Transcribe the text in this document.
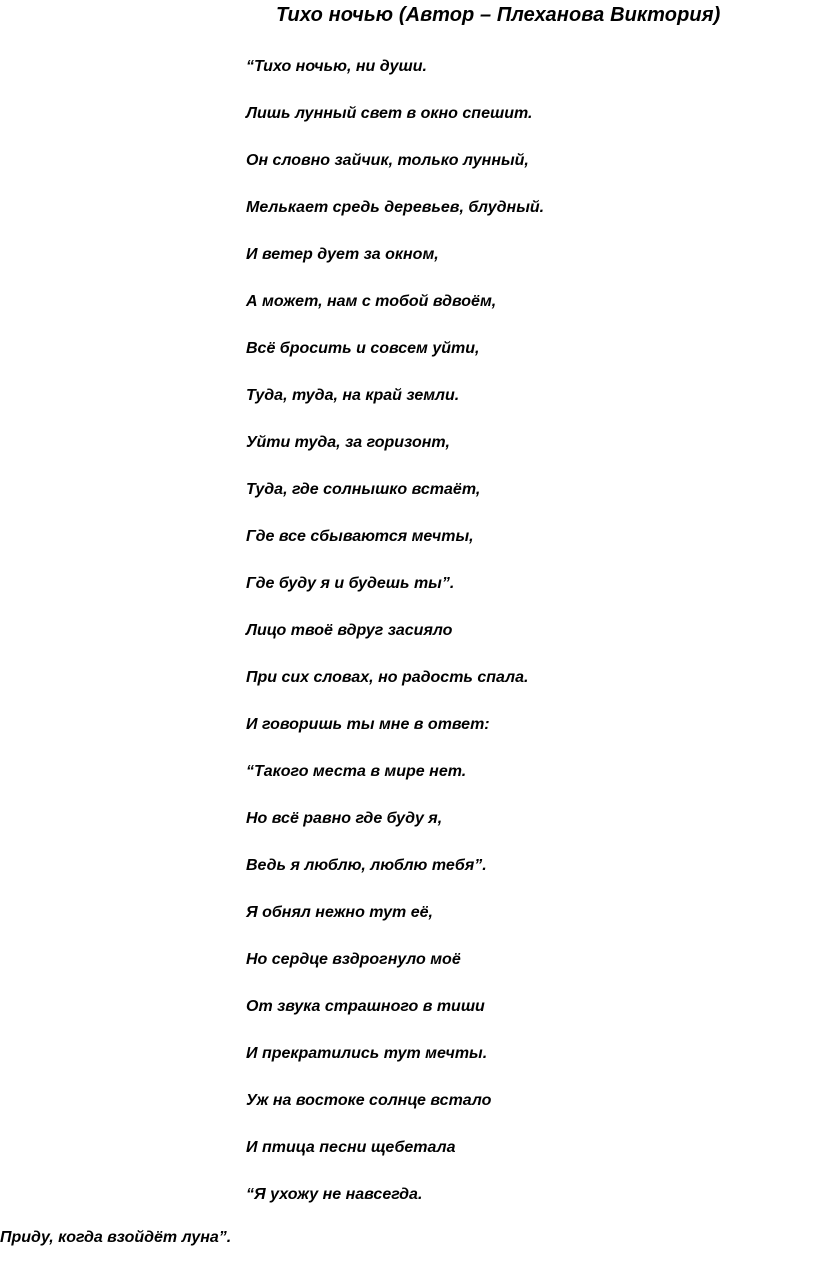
Тихо ночью (Автор – Плеханова Виктория)
“Тихо ночью, ни души.
Лишь лунный свет в окно спешит.
Он словно зайчик, только лунный,
Мелькает средь деревьев, блудный.
И ветер дует за окном,
А может, нам с тобой вдвоём,
Всё бросить и совсем уйти,
Туда, туда, на край земли.
Уйти туда, за горизонт,
Туда, где солнышко встаёт,
Где все сбываются мечты,
Где буду я и будешь ты”.
Лицо твоё вдруг засияло
При сих словах, но радость спала.
И говоришь ты мне в ответ:
“Такого места в мире нет.
Но всё равно где буду я,
Ведь я люблю, люблю тебя”.
Я обнял нежно тут её,
Но сердце вздрогнуло моё
От звука страшного в тиши
И прекратились тут мечты.
Уж на востоке солнце встало
И птица песни щебетала
“Я ухожу не навсегда.
Приду, когда взойдёт луна”.
